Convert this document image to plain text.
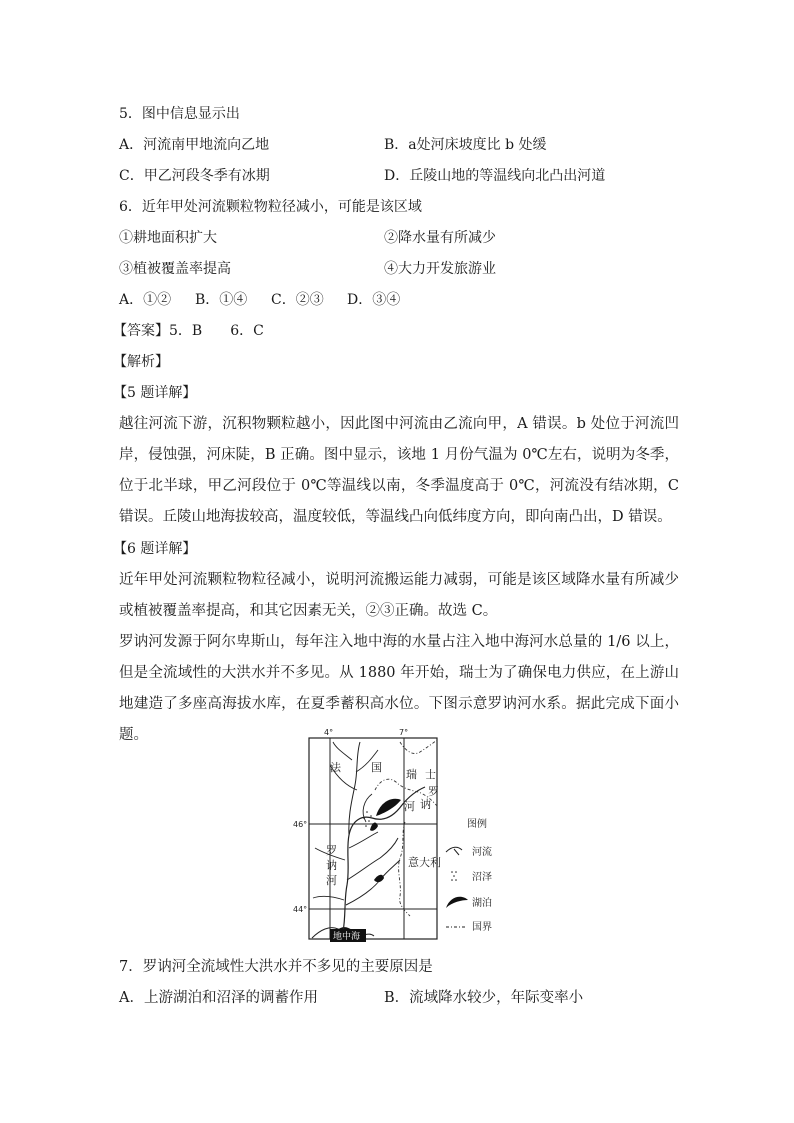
5．图中信息显示出
A．河流南甲地流向乙地	B．a处河床坡度比 b 处缓
C．甲乙河段冬季有冰期	D．丘陵山地的等温线向北凸出河道
6．近年甲处河流颗粒物粒径减小，可能是该区域
①耕地面积扩大	②降水量有所减少
③植被覆盖率提高	④大力开发旅游业
A．①② B．①④ C．②③ D．③④
【答案】5．B　　6．C
【解析】
【5 题详解】
越往河流下游，沉积物颗粒越小，因此图中河流由乙流向甲，A 错误。b 处位于河流凹岸，侵蚀强，河床陡，B 正确。图中显示，该地 1 月份气温为 0℃左右，说明为冬季，位于北半球，甲乙河段位于 0℃等温线以南，冬季温度高于 0℃，河流没有结冰期，C 错误。丘陵山地海拔较高，温度较低，等温线凸向低纬度方向，即向南凸出，D 错误。
【6 题详解】
近年甲处河流颗粒物粒径减小，说明河流搬运能力减弱，可能是该区域降水量有所减少或植被覆盖率提高，和其它因素无关，②③正确。故选 C。
罗讷河发源于阿尔卑斯山，每年注入地中海的水量占注入地中海河水总量的 1/6 以上，但是全流域性的大洪水并不多见。从 1880 年开始，瑞士为了确保电力供应，在上游山地建造了多座高海拔水库，在夏季蓄积高水位。下图示意罗讷河水系。据此完成下面小题。	4°	7°
46°
44°
法	国
瑞 士
意大利
罗
讷
河
河
罗
讷
地中海
图例
河流
沼泽
湖泊
国界
7．罗讷河全流域性大洪水并不多见的主要原因是
A．上游湖泊和沼泽的调蓄作用	B．流域降水较少，年际变率小
